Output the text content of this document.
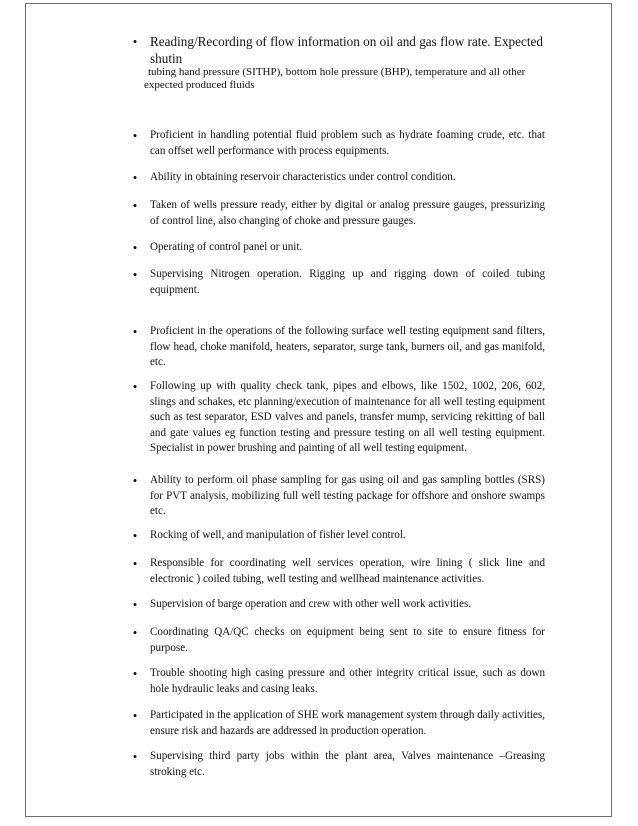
• Reading/Recording of flow information on oil and gas flow rate. Expected shutin
tubing hand pressure (SITHP), bottom hole pressure (BHP), temperature and all other
expected produced fluids
• Proficient in handling potential fluid problem such as hydrate foaming crude, etc. that can offset well performance with process equipments.
• Ability in obtaining reservoir characteristics under control condition.
• Taken of wells pressure ready, either by digital or analog pressure gauges, pressurizing of control line, also changing of choke and pressure gauges.
• Operating of control panel or unit.
• Supervising Nitrogen operation. Rigging up and rigging down of coiled tubing equipment.
• Proficient in the operations of the following surface well testing equipment sand filters, flow head, choke manifold, heaters, separator, surge tank, burners oil, and gas manifold, etc.
• Following up with quality check tank, pipes and elbows, like 1502, 1002, 206, 602, slings and schakes, etc planning/execution of maintenance for all well testing equipment such as test separator, ESD valves and panels, transfer mump, servicing rekitting of ball and gate values eg function testing and pressure testing on all well testing equipment. Specialist in power brushing and painting of all well testing equipment.
• Ability to perform oil phase sampling for gas using oil and gas sampling bottles (SRS) for PVT analysis, mobilizing full well testing package for offshore and onshore swamps etc.
• Rocking of well, and manipulation of fisher level control.
• Responsible for coordinating well services operation, wire lining ( slick line and electronic ) coiled tubing, well testing and wellhead maintenance activities.
• Supervision of barge operation and crew with other well work activities.
• Coordinating QA/QC checks on equipment being sent to site to ensure fitness for purpose.
• Trouble shooting high casing pressure and other integrity critical issue, such as down hole hydraulic leaks and casing leaks.
• Participated in the application of SHE work management system through daily activities, ensure risk and hazards are addressed in production operation.
• Supervising third party jobs within the plant area, Valves maintenance –Greasing stroking etc.
